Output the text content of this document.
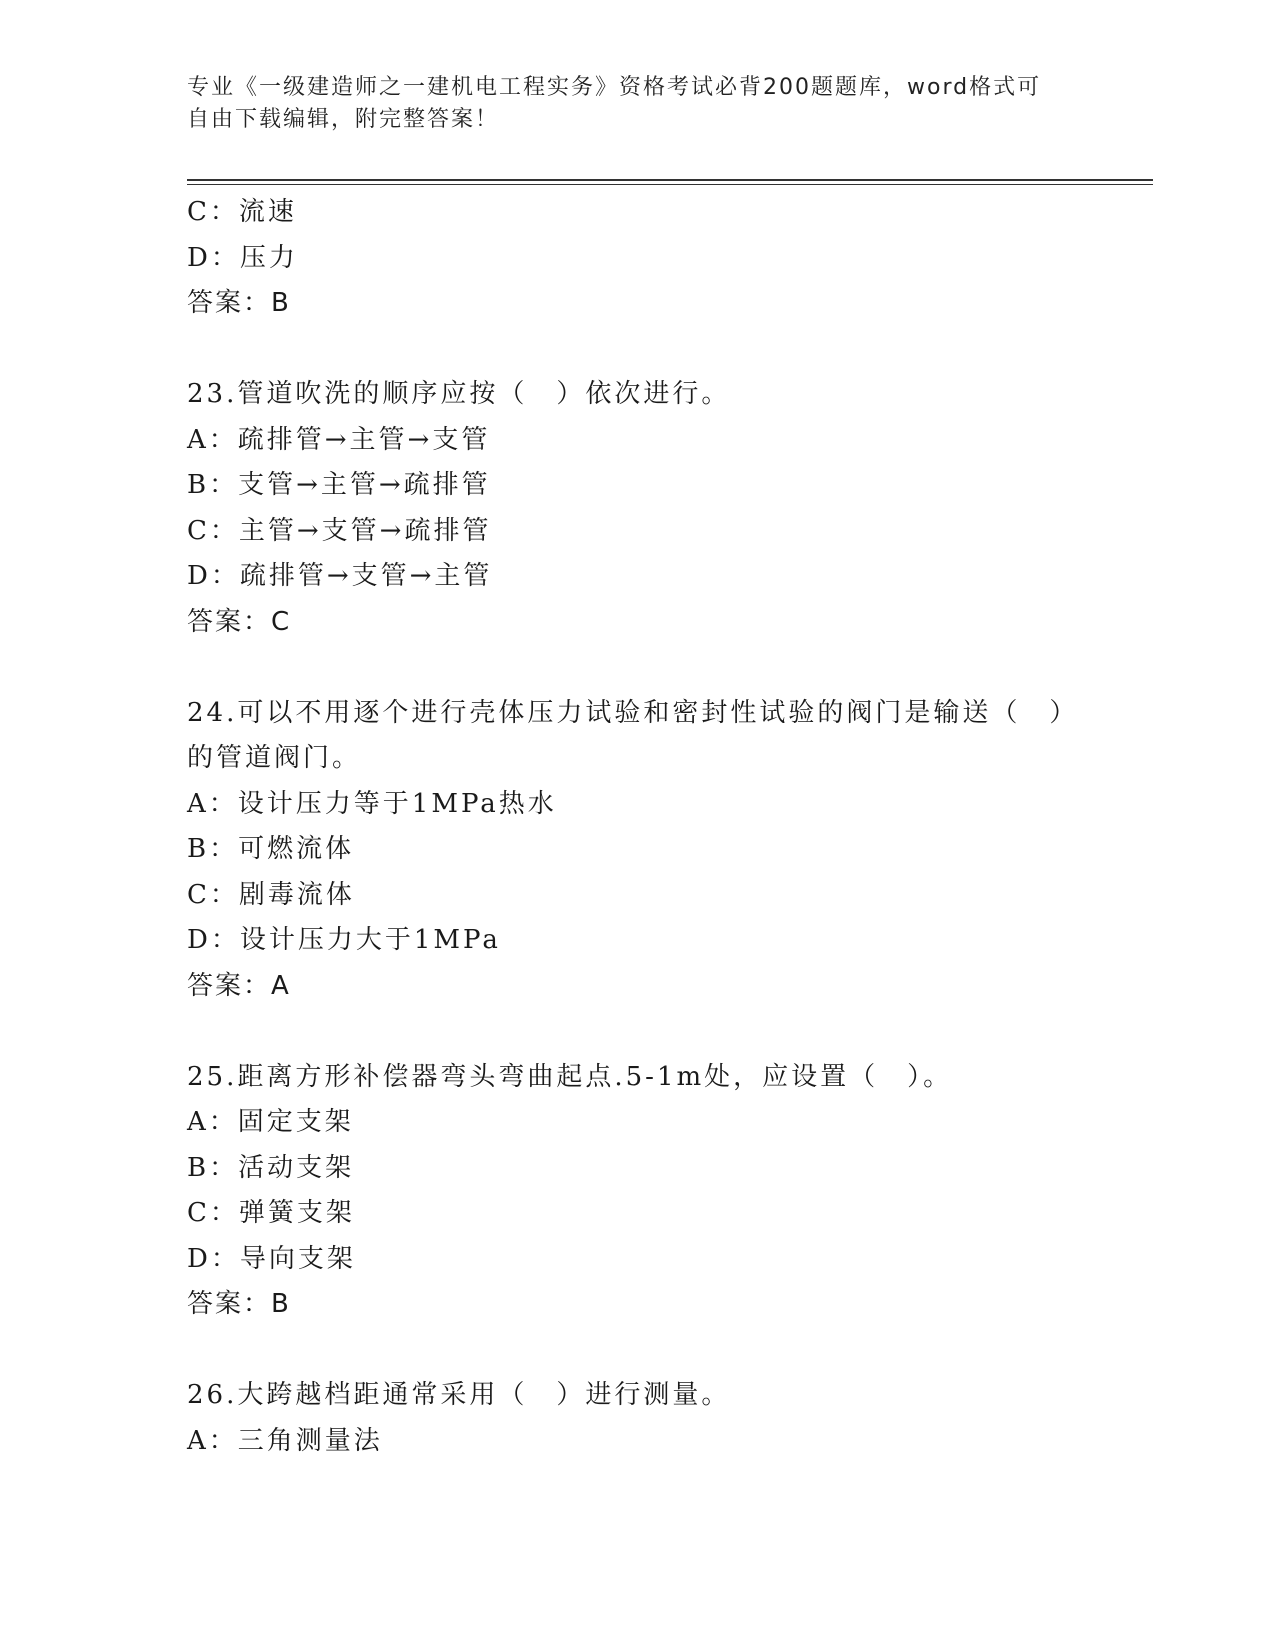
专业《一级建造师之一建机电工程实务》资格考试必背200题题库，word格式可
自由下载编辑，附完整答案！
C：流速
D：压力
答案：B
23.管道吹洗的顺序应按（　）依次进行。
A：疏排管→主管→支管
B：支管→主管→疏排管
C：主管→支管→疏排管
D：疏排管→支管→主管
答案：C
24.可以不用逐个进行壳体压力试验和密封性试验的阀门是输送（　）
的管道阀门。
A：设计压力等于1MPa热水
B：可燃流体
C：剧毒流体
D：设计压力大于1MPa
答案：A
25.距离方形补偿器弯头弯曲起点.5-1m处，应设置（　）。
A：固定支架
B：活动支架
C：弹簧支架
D：导向支架
答案：B
26.大跨越档距通常采用（　）进行测量。
A：三角测量法
